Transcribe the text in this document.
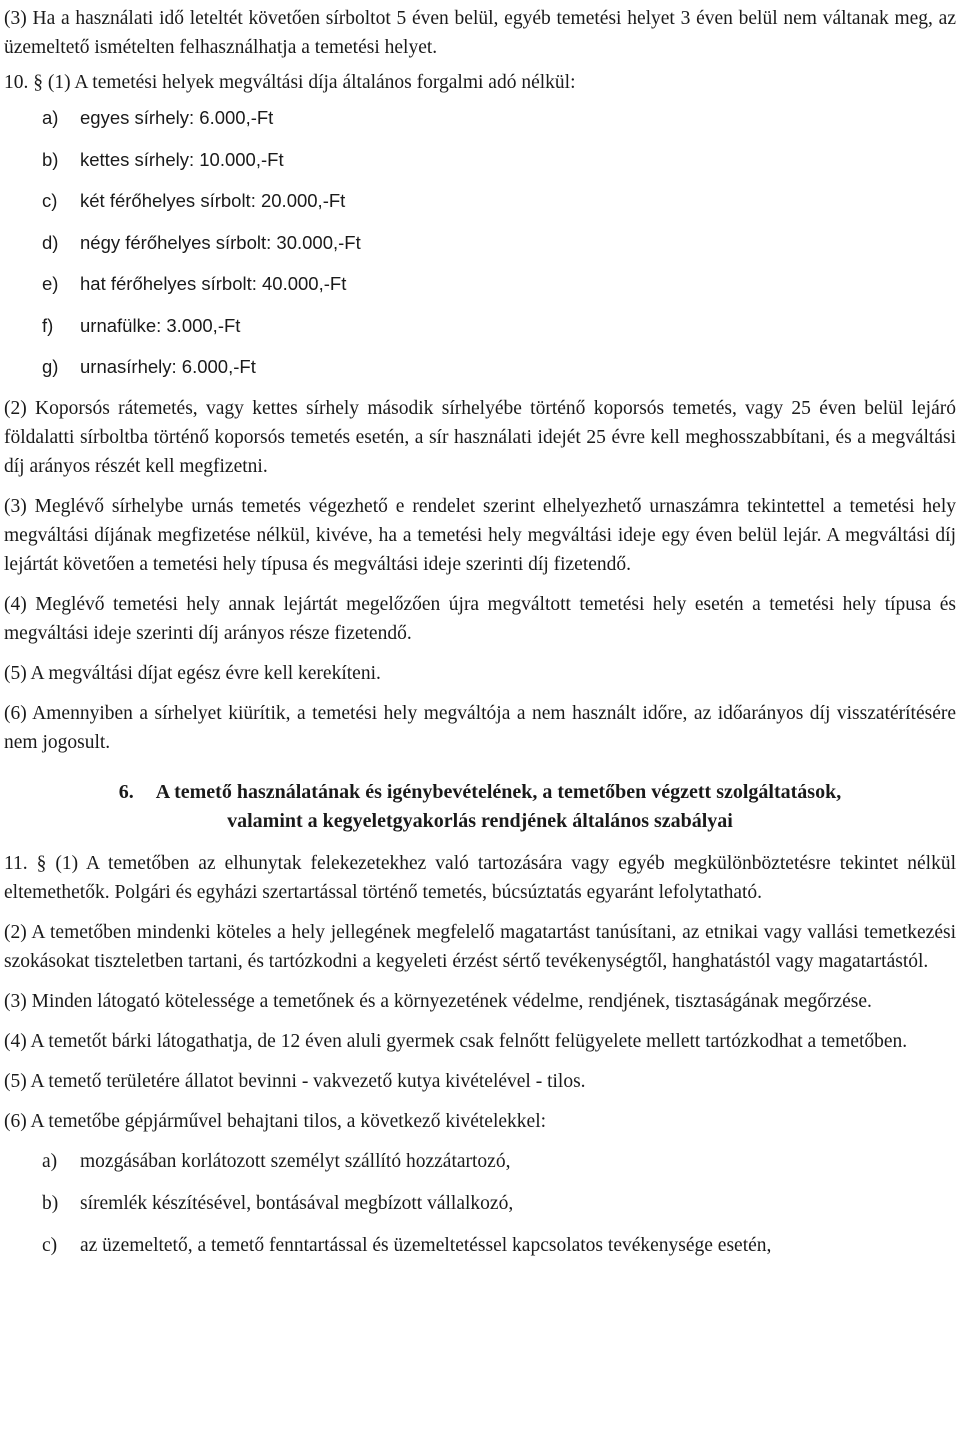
(3) Ha a használati idő leteltét követően sírboltot 5 éven belül, egyéb temetési helyet 3 éven belül nem váltanak meg, az üzemeltető ismételten felhasználhatja a temetési helyet.

10. § (1) A temetési helyek megváltási díja általános forgalmi adó nélkül:

a)	egyes sírhely: 6.000,-Ft
b)	kettes sírhely: 10.000,-Ft
c)	két férőhelyes sírbolt: 20.000,-Ft
d)	négy férőhelyes sírbolt: 30.000,-Ft
e)	hat férőhelyes sírbolt: 40.000,-Ft
f)	urnafülke: 3.000,-Ft
g)	urnasírhely: 6.000,-Ft

(2) Koporsós rátemetés, vagy kettes sírhely második sírhelyébe történő koporsós temetés, vagy 25 éven belül lejáró földalatti sírboltba történő koporsós temetés esetén, a sír használati idejét 25 évre kell meghosszabbítani, és a megváltási díj arányos részét kell megfizetni.

(3) Meglévő sírhelybe urnás temetés végezhető e rendelet szerint elhelyezhető urnaszámra tekintettel a temetési hely megváltási díjának megfizetése nélkül, kivéve, ha a temetési hely megváltási ideje egy éven belül lejár. A megváltási díj lejártát követően a temetési hely típusa és megváltási ideje szerinti díj fizetendő.

(4) Meglévő temetési hely annak lejártát megelőzően újra megváltott temetési hely esetén a temetési hely típusa és megváltási ideje szerinti díj arányos része fizetendő.

(5) A megváltási díjat egész évre kell kerekíteni.

(6) Amennyiben a sírhelyet kiürítik, a temetési hely megváltója a nem használt időre, az időarányos díj visszatérítésére nem jogosult.

6. A temető használatának és igénybevételének, a temetőben végzett szolgáltatások,
valamint a kegyeletgyakorlás rendjének általános szabályai

11. § (1) A temetőben az elhunytak felekezetekhez való tartozására vagy egyéb megkülönböztetésre tekintet nélkül eltemethetők. Polgári és egyházi szertartással történő temetés, búcsúztatás egyaránt lefolytatható.

(2) A temetőben mindenki köteles a hely jellegének megfelelő magatartást tanúsítani, az etnikai vagy vallási temetkezési szokásokat tiszteletben tartani, és tartózkodni a kegyeleti érzést sértő tevékenységtől, hanghatástól vagy magatartástól.

(3) Minden látogató kötelessége a temetőnek és a környezetének védelme, rendjének, tisztaságának megőrzése.

(4) A temetőt bárki látogathatja, de 12 éven aluli gyermek csak felnőtt felügyelete mellett tartózkodhat a temetőben.

(5) A temető területére állatot bevinni - vakvezető kutya kivételével - tilos.

(6) A temetőbe gépjárművel behajtani tilos, a következő kivételekkel:

a)	mozgásában korlátozott személyt szállító hozzátartozó,
b)	síremlék készítésével, bontásával megbízott vállalkozó,
c)	az üzemeltető, a temető fenntartással és üzemeltetéssel kapcsolatos tevékenysége esetén,
